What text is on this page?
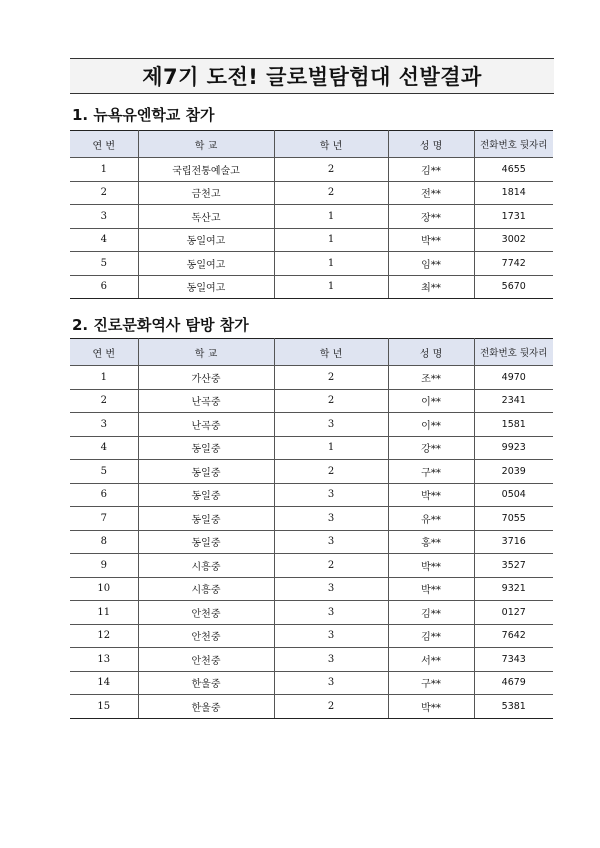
제7기 도전! 글로벌탐험대 선발결과
1. 뉴욕유엔학교 참가
연 번	학 교	학 년	성 명	전화번호 뒷자리
1	국립전통예술고	2	김**	4655
2	금천고	2	전**	1814
3	독산고	1	장**	1731
4	동일여고	1	박**	3002
5	동일여고	1	임**	7742
6	동일여고	1	최**	5670
2. 진로문화역사 탐방 참가
연 번	학 교	학 년	성 명	전화번호 뒷자리
1	가산중	2	조**	4970
2	난곡중	2	이**	2341
3	난곡중	3	이**	1581
4	동일중	1	강**	9923
5	동일중	2	구**	2039
6	동일중	3	박**	0504
7	동일중	3	유**	7055
8	동일중	3	홍**	3716
9	시흥중	2	박**	3527
10	시흥중	3	박**	9321
11	안천중	3	김**	0127
12	안천중	3	김**	7642
13	안천중	3	서**	7343
14	한울중	3	구**	4679
15	한울중	2	박**	5381
